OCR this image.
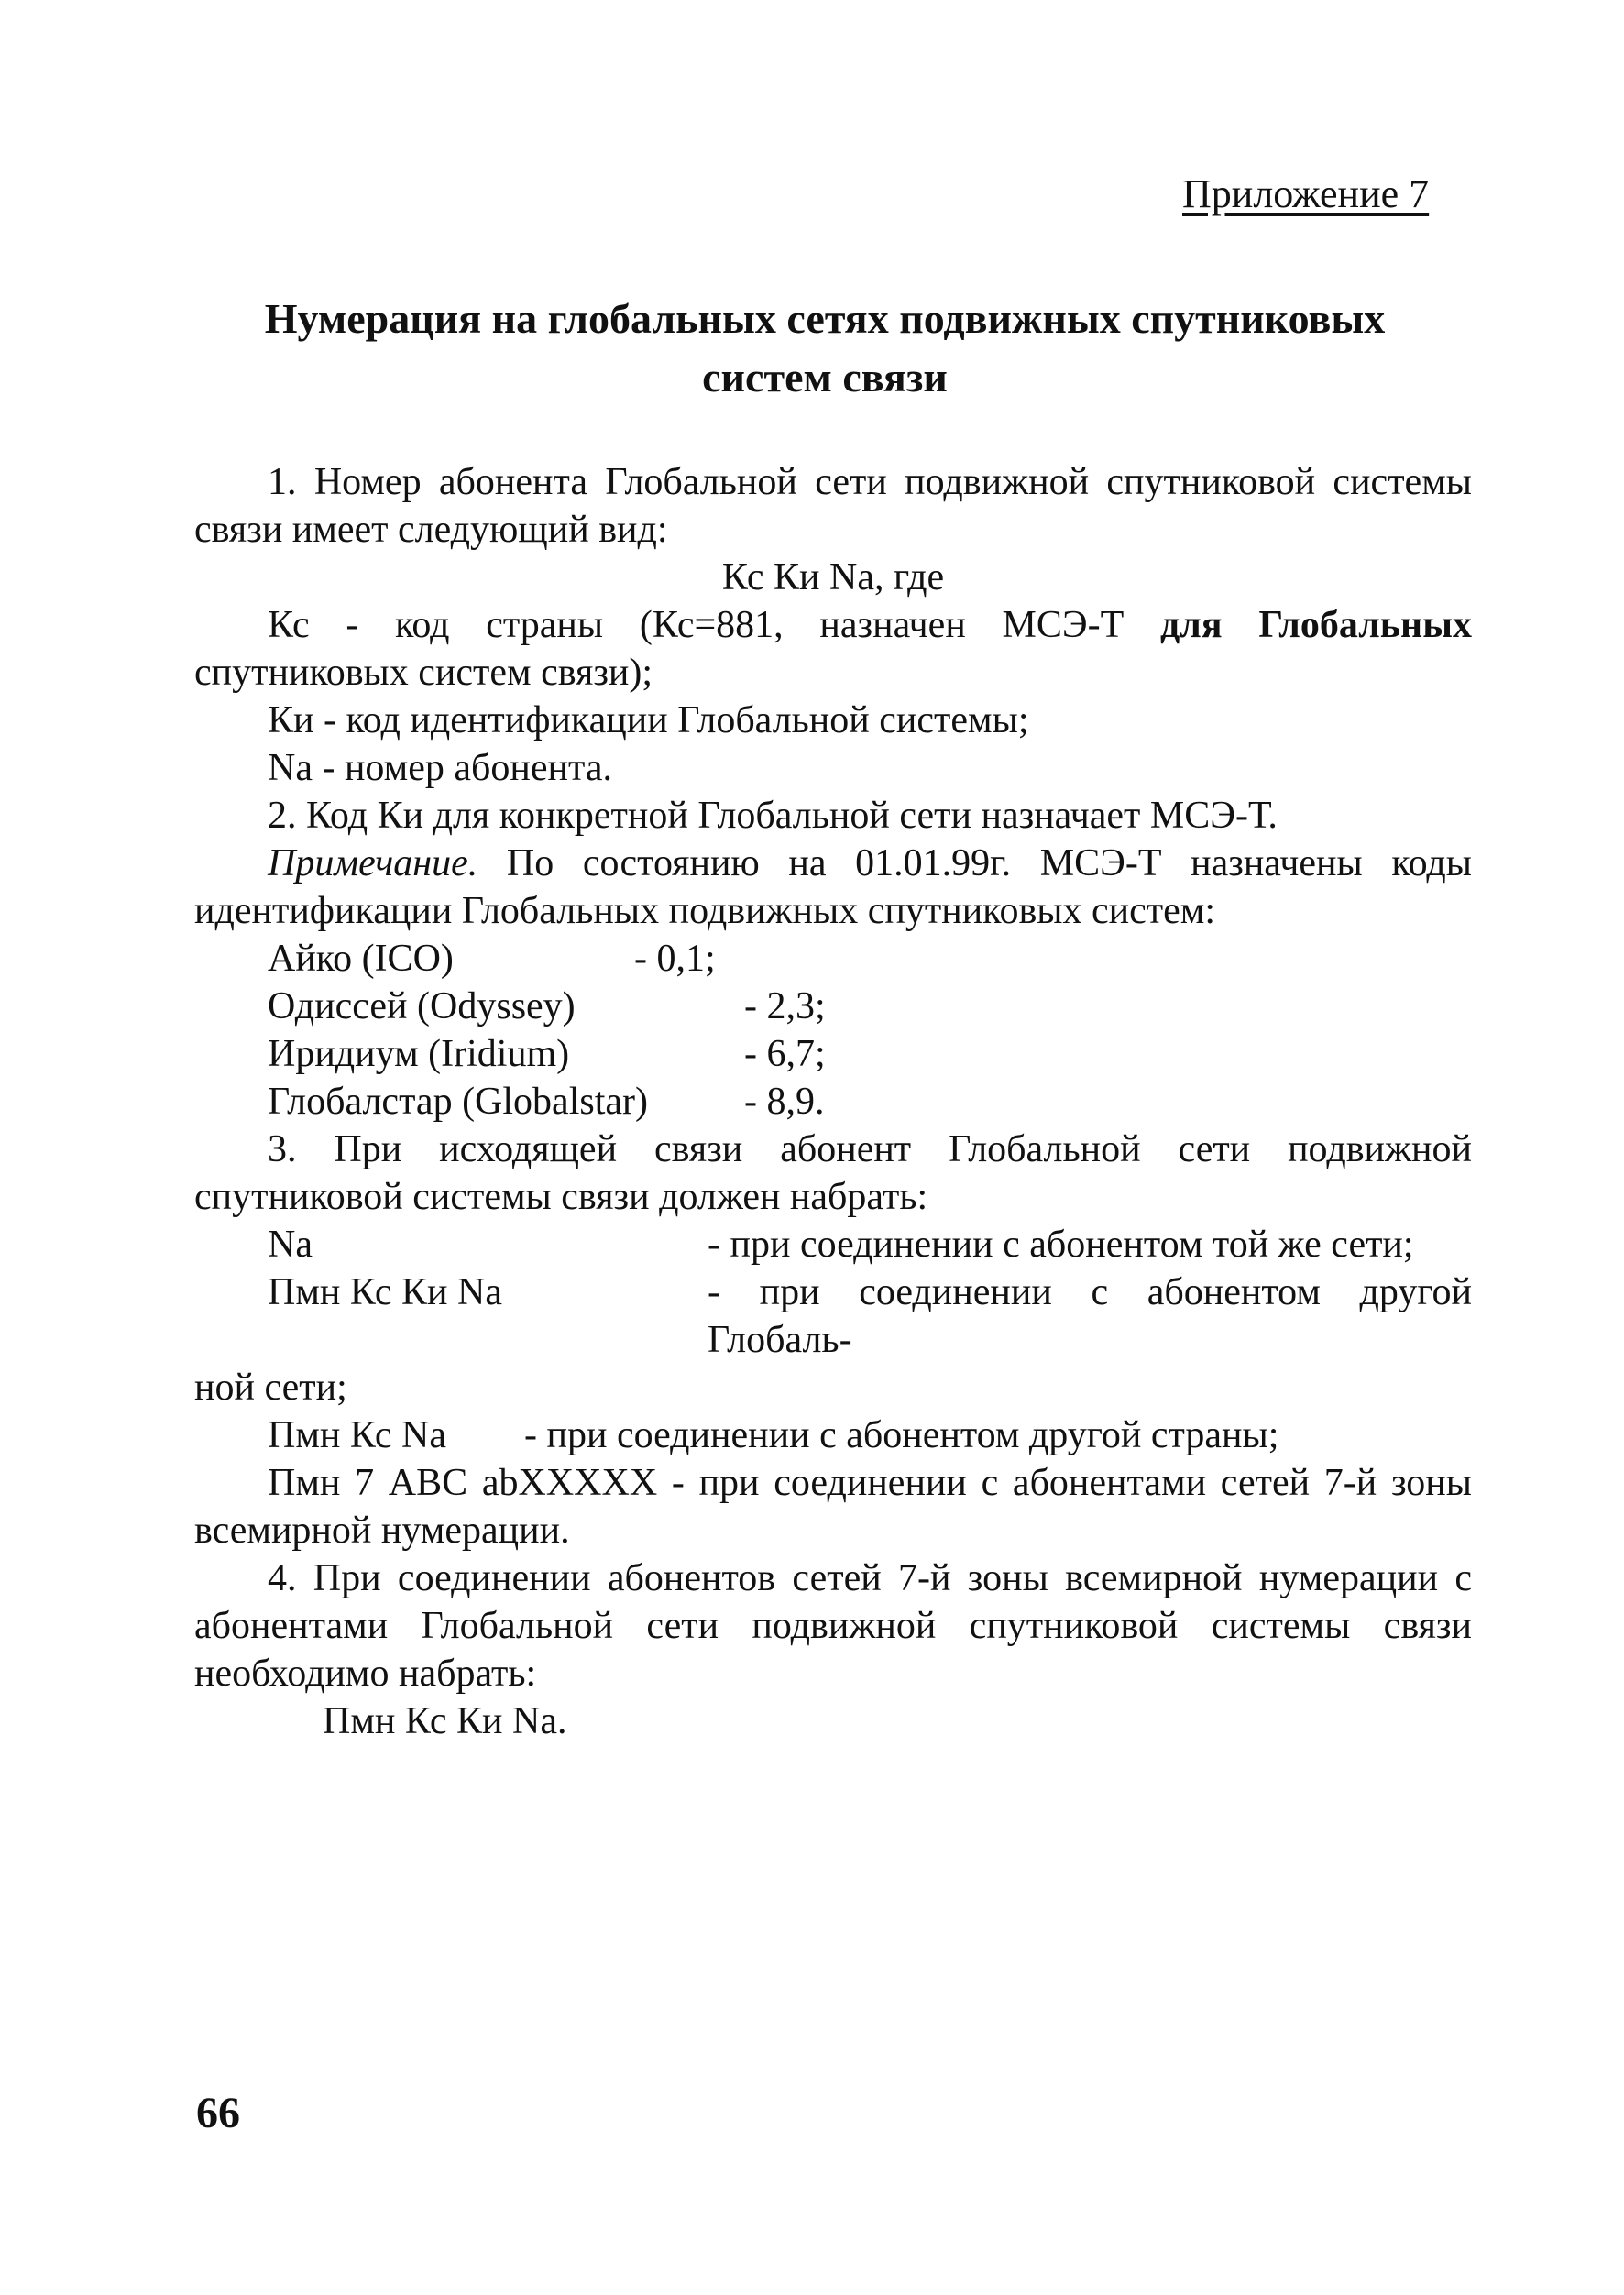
Приложение 7
Нумерация на глобальных сетях подвижных спутниковых
систем связи

1. Номер абонента Глобальной сети подвижной спутниковой системы связи имеет следующий вид:

Кс Ки Na, где

Кс - код страны (Кс=881, назначен МСЭ-Т для Глобальных спутниковых систем связи);

Ки - код идентификации Глобальной системы;

Na - номер абонента.

2. Код Ки для конкретной Глобальной сети назначает МСЭ-Т.

Примечание. По состоянию на 01.01.99г. МСЭ-Т назначены коды идентификации Глобальных подвижных спутниковых систем:

Айко (ICO)	- 0,1;
Одиссей (Odyssey)	- 2,3;
Иридиум (Iridium)	- 6,7;
Глобалстар (Globalstar)	- 8,9.

3. При исходящей связи абонент Глобальной сети подвижной спутниковой системы связи должен набрать:

Na	- при соединении с абонентом той же сети;
Пмн Кс Ки Na	- при соединении с абонентом другой Глобаль-

ной сети;

Пмн Кс Na	- при соединении с абонентом другой страны;

Пмн 7 АВС abXXXXX - при соединении с абонентами сетей 7-й зоны всемирной нумерации.

4. При соединении абонентов сетей 7-й зоны всемирной нумерации с абонентами Глобальной сети подвижной спутниковой системы связи необходимо набрать:

Пмн Кс Ки Na.

66
